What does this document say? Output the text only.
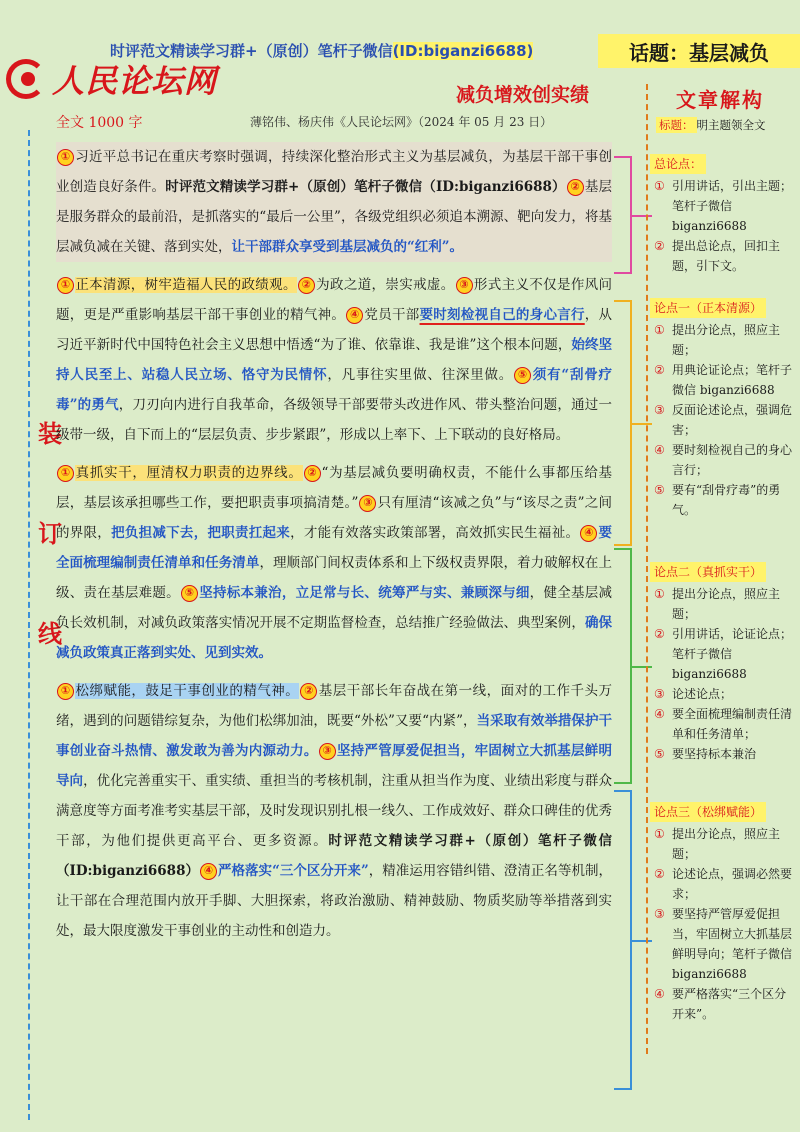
时评范文精读学习群+（原创）笔杆子微信(ID:biganzi6688)	话题：基层减负
人民论坛网	减负增效创实绩
全文 1000 字	薄铭伟、杨庆伟《人民论坛网》（2024 年 05 月 23 日）
装
订
线

① 习近平总书记在重庆考察时强调，持续深化整治形式主义为基层减负，为基层干部干事创业创造良好条件。时评范文精读学习群+（原创）笔杆子微信（ID:biganzi6688） ② 基层是服务群众的最前沿，是抓落实的“最后一公里”，各级党组织必须追本溯源、靶向发力，将基层减负减在关键、落到实处，让干部群众享受到基层减负的“红利”。

① 正本清源，树牢造福人民的政绩观。 ② 为政之道，崇实戒虚。 ③ 形式主义不仅是作风问题，更是严重影响基层干部干事创业的精气神。 ④ 党员干部要时刻检视自己的身心言行，从习近平新时代中国特色社会主义思想中悟透“为了谁、依靠谁、我是谁”这个根本问题，始终坚持人民至上、站稳人民立场、恪守为民情怀，凡事往实里做、往深里做。 ⑤ 须有“刮骨疗毒”的勇气，刀刃向内进行自我革命，各级领导干部要带头改进作风、带头整治问题，通过一级带一级，自下而上的“层层负责、步步紧跟”，形成以上率下、上下联动的良好格局。

① 真抓实干，厘清权力职责的边界线。 ② “为基层减负要明确权责，不能什么事都压给基层，基层该承担哪些工作，要把职责事项搞清楚。” ③ 只有厘清“该减之负”与“该尽之责”之间的界限，把负担减下去，把职责扛起来，才能有效落实政策部署，高效抓实民生福祉。 ④ 要全面梳理编制责任清单和任务清单，理顺部门间权责体系和上下级权责界限，着力破解权在上级、责在基层难题。 ⑤ 坚持标本兼治，立足常与长、统筹严与实、兼顾深与细，健全基层减负长效机制，对减负政策落实情况开展不定期监督检查，总结推广经验做法、典型案例，确保减负政策真正落到实处、见到实效。

① 松绑赋能，鼓足干事创业的精气神。 ② 基层干部长年奋战在第一线，面对的工作千头万绪，遇到的问题错综复杂，为他们松绑加油，既要“外松”又要“内紧”，当采取有效举措保护干事创业奋斗热情、激发敢为善为内源动力。 ③ 坚持严管厚爱促担当，牢固树立大抓基层鲜明导向，优化完善重实干、重实绩、重担当的考核机制，注重从担当作为度、业绩出彩度与群众满意度等方面考准考实基层干部，及时发现识别扎根一线久、工作成效好、群众口碑佳的优秀干部，为他们提供更高平台、更多资源。时评范文精读学习群+（原创）笔杆子微信（ID:biganzi6688） ④ 严格落实“三个区分开来”，精准运用容错纠错、澄清正名等机制，让干部在合理范围内放开手脚、大胆探索，将政治激励、精神鼓励、物质奖励等举措落到实处，最大限度激发干事创业的主动性和创造力。

文章解构
标题： 明主题领全文
总论点：
① 引用讲话，引出主题；笔杆子微信 biganzi6688
② 提出总论点，回扣主题，引下文。
论点一（正本清源）
① 提出分论点，照应主题；
② 用典论证论点；笔杆子微信 biganzi6688
③ 反面论述论点，强调危害；
④ 要时刻检视自己的身心言行；
⑤ 要有“刮骨疗毒”的勇气。
论点二（真抓实干）
① 提出分论点，照应主题；
② 引用讲话，论证论点；笔杆子微信 biganzi6688
③ 论述论点；
④ 要全面梳理编制责任清单和任务清单；
⑤ 要坚持标本兼治
论点三（松绑赋能）
① 提出分论点，照应主题；
② 论述论点，强调必然要求；
③ 要坚持严管厚爱促担当，牢固树立大抓基层鲜明导向；笔杆子微信 biganzi6688
④ 要严格落实“三个区分开来”。
